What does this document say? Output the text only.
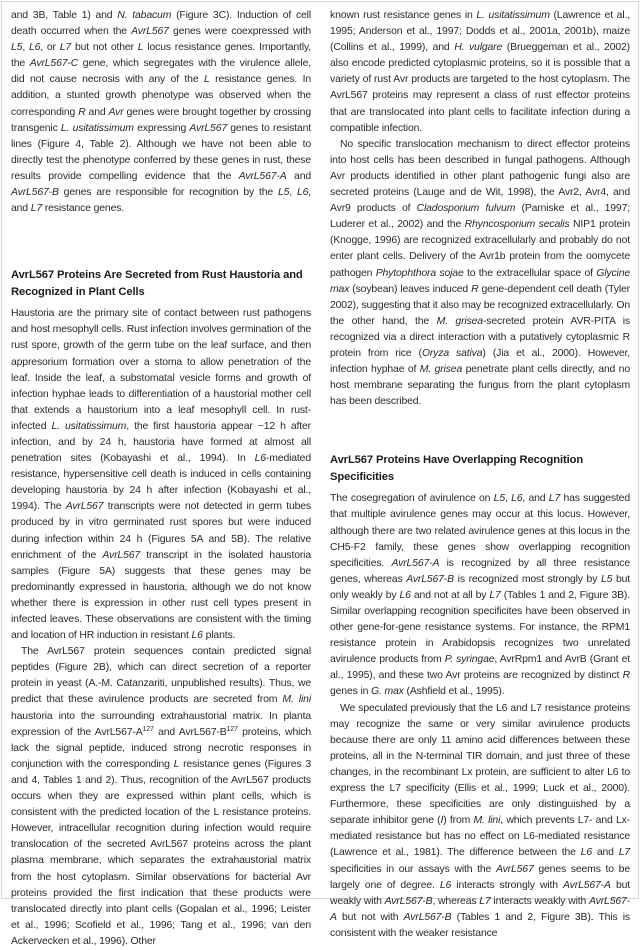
and 3B, Table 1) and N. tabacum (Figure 3C). Induction of cell death occurred when the AvrL567 genes were coexpressed with L5, L6, or L7 but not other L locus resistance genes. Importantly, the AvrL567-C gene, which segregates with the virulence allele, did not cause necrosis with any of the L resistance genes. In addition, a stunted growth phenotype was observed when the corresponding R and Avr genes were brought together by crossing transgenic L. usitatissimum expressing AvrL567 genes to resistant lines (Figure 4, Table 2). Although we have not been able to directly test the phenotype conferred by these genes in rust, these results provide compelling evidence that the AvrL567-A and AvrL567-B genes are responsible for recognition by the L5, L6, and L7 resistance genes.

AvrL567 Proteins Are Secreted from Rust Haustoria and Recognized in Plant Cells

Haustoria are the primary site of contact between rust pathogens and host mesophyll cells. Rust infection involves germination of the rust spore, growth of the germ tube on the leaf surface, and then appresorium formation over a stoma to allow penetration of the leaf. Inside the leaf, a substomatal vesicle forms and growth of infection hyphae leads to differentiation of a haustorial mother cell that extends a haustorium into a leaf mesophyll cell. In rust-infected L. usitatissimum, the first haustoria appear ~12 h after infection, and by 24 h, haustoria have formed at almost all penetration sites (Kobayashi et al., 1994). In L6-mediated resistance, hypersensitive cell death is induced in cells containing developing haustoria by 24 h after infection (Kobayashi et al., 1994). The AvrL567 transcripts were not detected in germ tubes produced by in vitro germinated rust spores but were induced during infection within 24 h (Figures 5A and 5B). The relative enrichment of the AvrL567 transcript in the isolated haustoria samples (Figure 5A) suggests that these genes may be predominantly expressed in haustoria, although we do not know whether there is expression in other rust cell types present in infected leaves. These observations are consistent with the timing and location of HR induction in resistant L6 plants.

The AvrL567 protein sequences contain predicted signal peptides (Figure 2B), which can direct secretion of a reporter protein in yeast (A.-M. Catanzariti, unpublished results). Thus, we predict that these avirulence products are secreted from M. lini haustoria into the surrounding extrahaustorial matrix. In planta expression of the $AvrL567-A^{127}$ and $AvrL567-B^{127}$ proteins, which lack the signal peptide, induced strong necrotic responses in conjunction with the corresponding L resistance genes (Figures 3 and 4, Tables 1 and 2). Thus, recognition of the AvrL567 products occurs when they are expressed within plant cells, which is consistent with the predicted location of the L resistance proteins. However, intracellular recognition during infection would require translocation of the secreted AvrL567 proteins across the plant plasma membrane, which separates the extrahaustorial matrix from the host cytoplasm. Similar observations for bacterial Avr proteins provided the first indication that these products were translocated directly into plant cells (Gopalan et al., 1996; Leister et al., 1996; Scofield et al., 1996; Tang et al., 1996; van den Ackervecken et al., 1996). Other

known rust resistance genes in L. usitatissimum (Lawrence et al., 1995; Anderson et al., 1997; Dodds et al., 2001a, 2001b), maize (Collins et al., 1999), and H. vulgare (Brueggeman et al., 2002) also encode predicted cytoplasmic proteins, so it is possible that a variety of rust Avr products are targeted to the host cytoplasm. The AvrL567 proteins may represent a class of rust effector proteins that are translocated into plant cells to facilitate infection during a compatible infection.

No specific translocation mechanism to direct effector proteins into host cells has been described in fungal pathogens. Although Avr products identified in other plant pathogenic fungi also are secreted proteins (Lauge and de Wit, 1998), the Avr2, Avr4, and Avr9 products of Cladosporium fulvum (Parniske et al., 1997; Luderer et al., 2002) and the Rhyncosporium secalis NIP1 protein (Knogge, 1996) are recognized extracellularly and probably do not enter plant cells. Delivery of the Avr1b protein from the oomycete pathogen Phytophthora sojae to the extracellular space of Glycine max (soybean) leaves induced R gene-dependent cell death (Tyler 2002), suggesting that it also may be recognized extracellularly. On the other hand, the M. grisea-secreted protein AVR-PITA is recognized via a direct interaction with a putatively cytoplasmic R protein from rice (Oryza sativa) (Jia et al., 2000). However, infection hyphae of M. grisea penetrate plant cells directly, and no host membrane separating the fungus from the plant cytoplasm has been described.

AvrL567 Proteins Have Overlapping Recognition Specificities

The cosegregation of avirulence on L5, L6, and L7 has suggested that multiple avirulence genes may occur at this locus. However, although there are two related avirulence genes at this locus in the CH5-F2 family, these genes show overlapping recognition specificities. AvrL567-A is recognized by all three resistance genes, whereas AvrL567-B is recognized most strongly by L5 but only weakly by L6 and not at all by L7 (Tables 1 and 2, Figure 3B). Similar overlapping recognition specificites have been observed in other gene-for-gene resistance systems. For instance, the RPM1 resistance protein in Arabidopsis recognizes two unrelated avirulence products from P. syringae, AvrRpm1 and AvrB (Grant et al., 1995), and these two Avr proteins are recognized by distinct R genes in G. max (Ashfield et al., 1995).

We speculated previously that the L6 and L7 resistance proteins may recognize the same or very similar avirulence products because there are only 11 amino acid differences between these proteins, all in the N-terminal TIR domain, and just three of these changes, in the recombinant Lx protein, are sufficient to alter L6 to express the L7 specificity (Ellis et al., 1999; Luck et al., 2000). Furthermore, these specificities are only distinguished by a separate inhibitor gene (I) from M. lini, which prevents L7- and Lx-mediated resistance but has no effect on L6-mediated resistance (Lawrence et al., 1981). The difference between the L6 and L7 specificities in our assays with the AvrL567 genes seems to be largely one of degree. L6 interacts strongly with AvrL567-A but weakly with AvrL567-B, whereas L7 interacts weakly with AvrL567-A but not with AvrL567-B (Tables 1 and 2, Figure 3B). This is consistent with the weaker resistance
